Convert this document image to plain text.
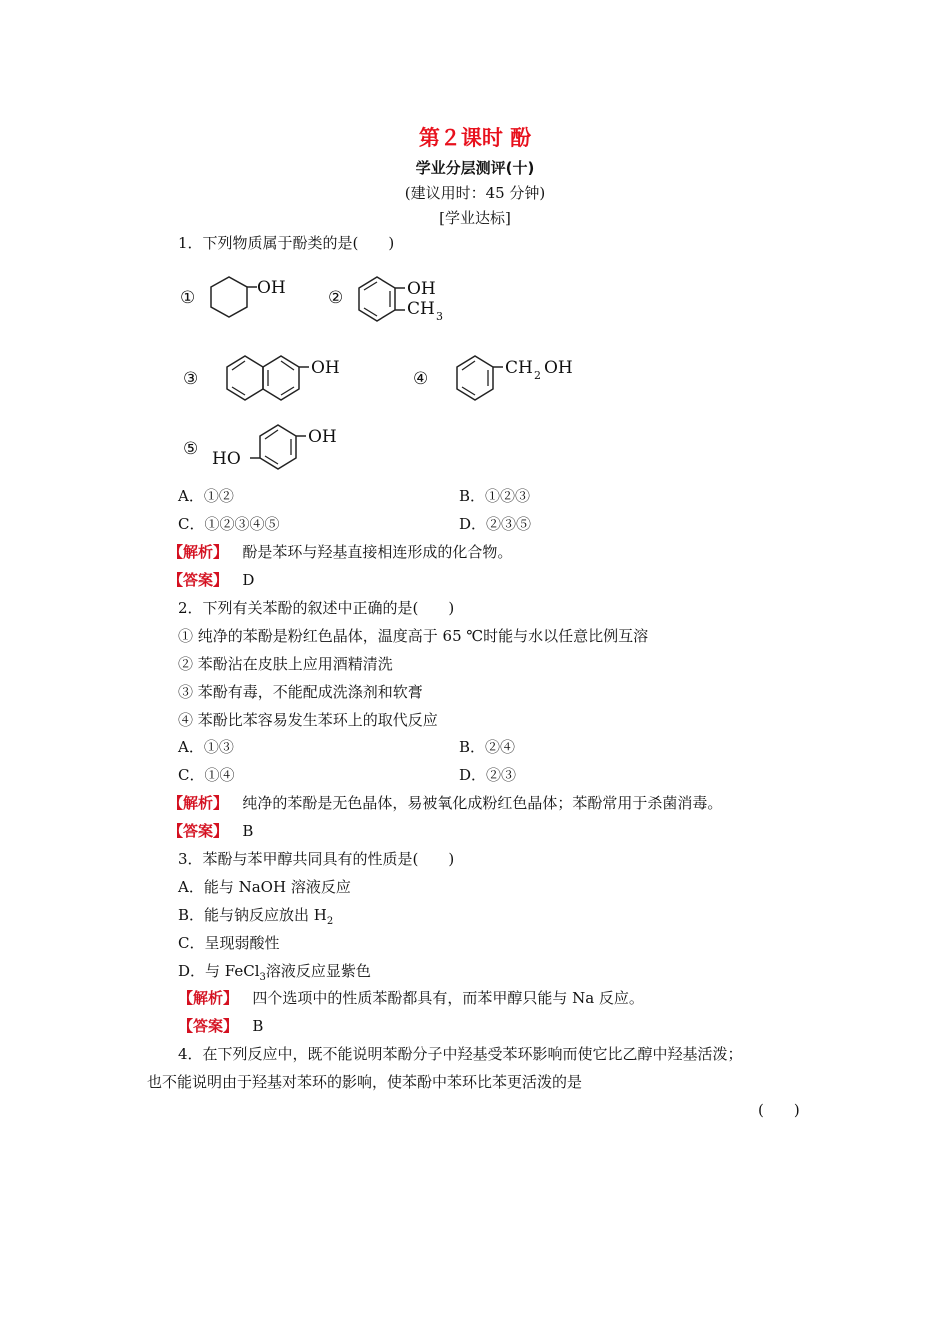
第２课时 酚
学业分层测评(十)
(建议用时：45 分钟)
[学业达标]
1．下列物质属于酚类的是(　　)
①	OH ②	OH
CH 3
③
OH
④
CH 2 OH
⑤
OH
HO
A．①②	B．①②③
C．①②③④⑤	D．②③⑤
【解析】 酚是苯环与羟基直接相连形成的化合物。
【答案】 D
2．下列有关苯酚的叙述中正确的是(　　)
① 纯净的苯酚是粉红色晶体，温度高于 65 ℃时能与水以任意比例互溶
② 苯酚沾在皮肤上应用酒精清洗
③ 苯酚有毒，不能配成洗涤剂和软膏
④ 苯酚比苯容易发生苯环上的取代反应
A．①③	B．②④
C．①④	D．②③
【解析】 纯净的苯酚是无色晶体，易被氧化成粉红色晶体；苯酚常用于杀菌消毒。
【答案】 B
3．苯酚与苯甲醇共同具有的性质是(　　)
A．能与 NaOH 溶液反应
B．能与钠反应放出 $H_2$
C．呈现弱酸性
D．与 FeCl$_3$溶液反应显紫色
【解析】 四个选项中的性质苯酚都具有，而苯甲醇只能与 Na 反应。
【答案】 B
4．在下列反应中，既不能说明苯酚分子中羟基受苯环影响而使它比乙醇中羟基活泼；
也不能说明由于羟基对苯环的影响，使苯酚中苯环比苯更活泼的是
(　　)
